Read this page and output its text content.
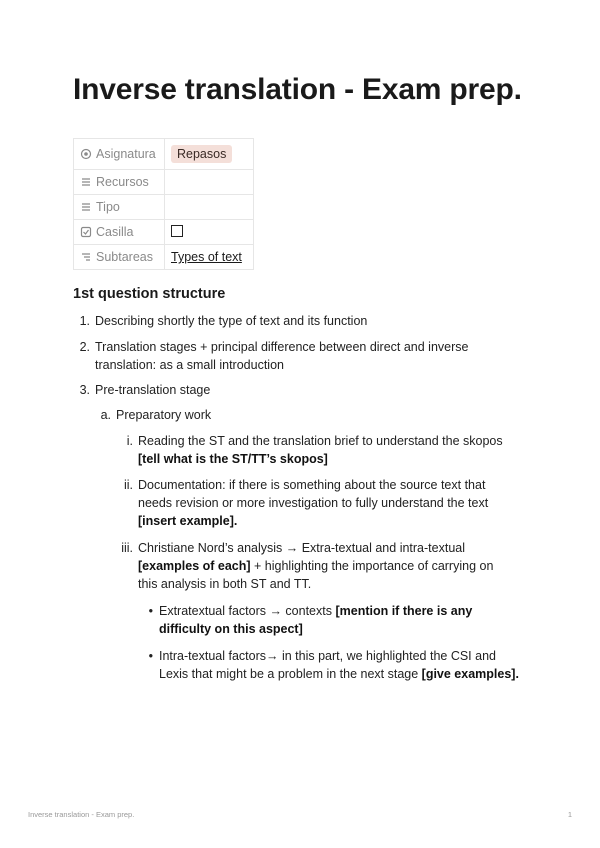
Inverse translation - Exam prep.
Asignatura	Repasos
Recursos	
Tipo	
Casilla	
Subtareas	Types of text
1st question structure
1. Describing shortly the type of text and its function
2. Translation stages + principal difference between direct and inverse
translation: as a small introduction
3. Pre-translation stage
a. Preparatory work
i. Reading the ST and the translation brief to understand the skopos
[tell what is the ST/TT’s skopos]
ii. Documentation: if there is something about the source text that
needs revision or more investigation to fully understand the text
[insert example].
iii. Christiane Nord’s analysis → Extra-textual and intra-textual
[examples of each] + highlighting the importance of carrying on
this analysis in both ST and TT.
• Extratextual factors → contexts [mention if there is any
difficulty on this aspect]
• Intra-textual factors→ in this part, we highlighted the CSI and
Lexis that might be a problem in the next stage [give examples].
Inverse translation - Exam prep.	1
